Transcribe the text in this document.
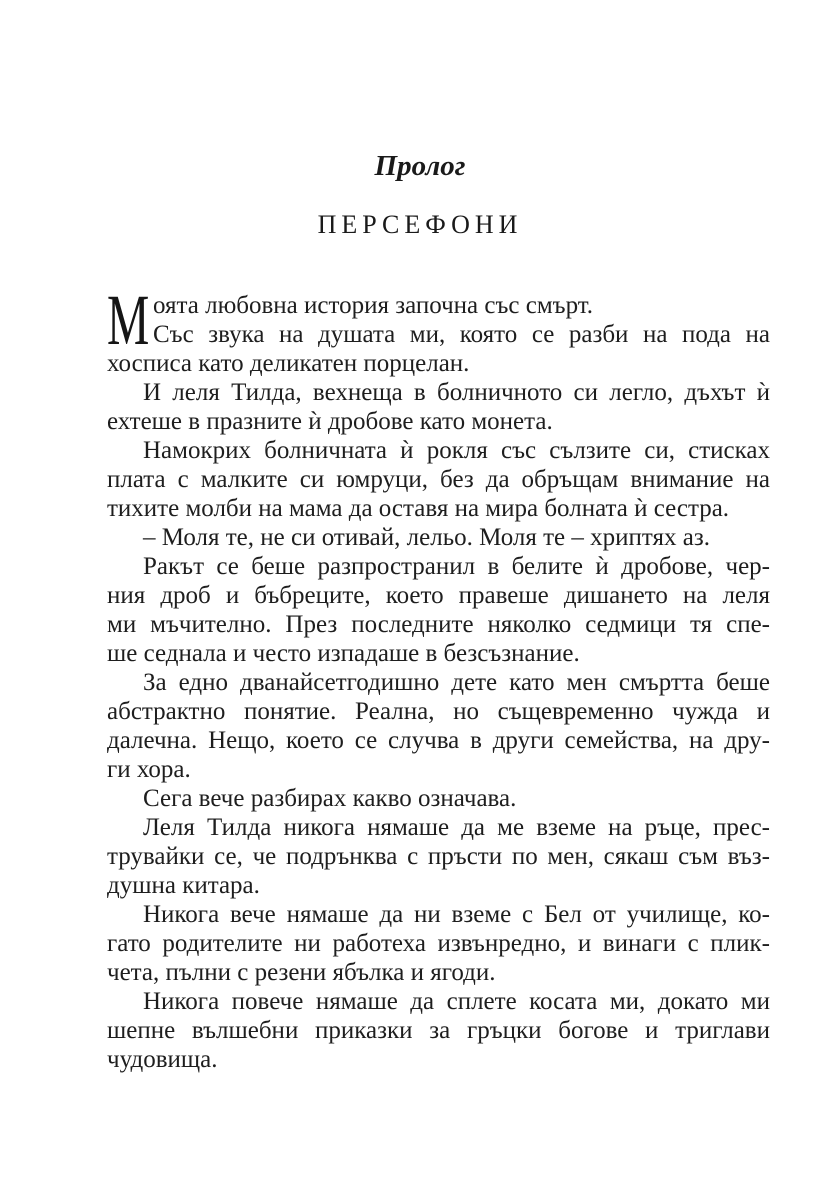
Пролог
ПЕРСЕФОНИ
М оята любовна история започна със смърт.
Със звука на душата ми, която се разби на пода на
хосписа като деликатен порцелан.
И леля Тилда, вехнеща в болничното си легло, дъхът ѝ
ехтеше в празните ѝ дробове като монета.
Намокрих болничната ѝ рокля със сълзите си, стисках
плата с малките си юмруци, без да обръщам внимание на
тихите молби на мама да оставя на мира болната ѝ сестра.
– Моля те, не си отивай, лельо. Моля те – хриптях аз.
Ракът се беше разпространил в белите ѝ дробове, чер-
ния дроб и бъбреците, което правеше дишането на леля
ми мъчително. През последните няколко седмици тя спе-
ше седнала и често изпадаше в безсъзнание.
За едно дванайсетгодишно дете като мен смъртта беше
абстрактно понятие. Реална, но същевременно чужда и
далечна. Нещо, което се случва в други семейства, на дру-
ги хора.
Сега вече разбирах какво означава.
Леля Тилда никога нямаше да ме вземе на ръце, прес-
трувайки се, че подрънква с пръсти по мен, сякаш съм въз-
душна китара.
Никога вече нямаше да ни вземе с Бел от училище, ко-
гато родителите ни работеха извънредно, и винаги с плик-
чета, пълни с резени ябълка и ягоди.
Никога повече нямаше да сплете косата ми, докато ми
шепне вълшебни приказки за гръцки богове и триглави
чудовища.
